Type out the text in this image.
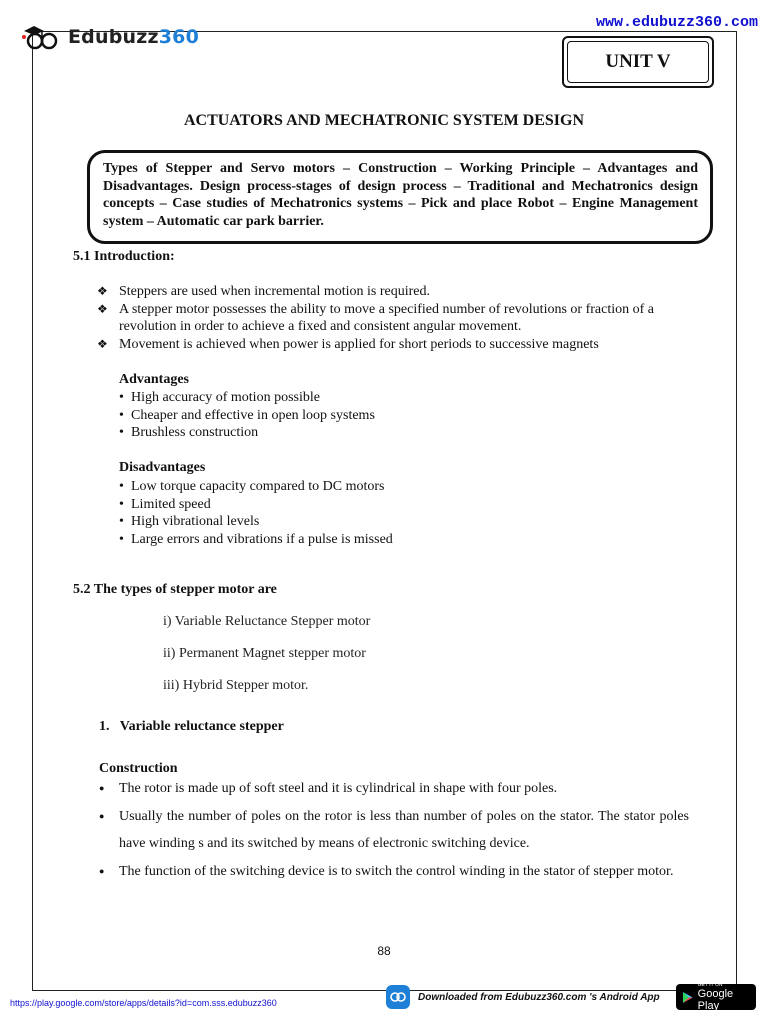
www.edubuzz360.com
Edubuzz360
UNIT V
ACTUATORS AND MECHATRONIC SYSTEM DESIGN
Types of Stepper and Servo motors – Construction – Working Principle – Advantages and Disadvantages. Design process-stages of design process – Traditional and Mechatronics design concepts – Case studies of Mechatronics systems – Pick and place Robot – Engine Management system – Automatic car park barrier.
5.1 Introduction:
❖ Steppers are used when incremental motion is required.
❖ A stepper motor possesses the ability to move a specified number of revolutions or fraction of a revolution in order to achieve a fixed and consistent angular movement.
❖ Movement is achieved when power is applied for short periods to successive magnets
Advantages
• High accuracy of motion possible
• Cheaper and effective in open loop systems
• Brushless construction
Disadvantages
• Low torque capacity compared to DC motors
• Limited speed
• High vibrational levels
• Large errors and vibrations if a pulse is missed
5.2 The types of stepper motor are
i) Variable Reluctance Stepper motor
ii) Permanent Magnet stepper motor
iii) Hybrid Stepper motor.
1.   Variable reluctance stepper
Construction
● The rotor is made up of soft steel and it is cylindrical in shape with four poles.
● Usually the number of poles on the rotor is less than number of poles on the stator. The stator poles have winding s and its switched by means of electronic switching device.
● The function of the switching device is to switch the control winding in the stator of stepper motor.
88
https://play.google.com/store/apps/details?id=com.sss.edubuzz360
Downloaded from Edubuzz360.com 's Android App
GET IT ON
Google Play
